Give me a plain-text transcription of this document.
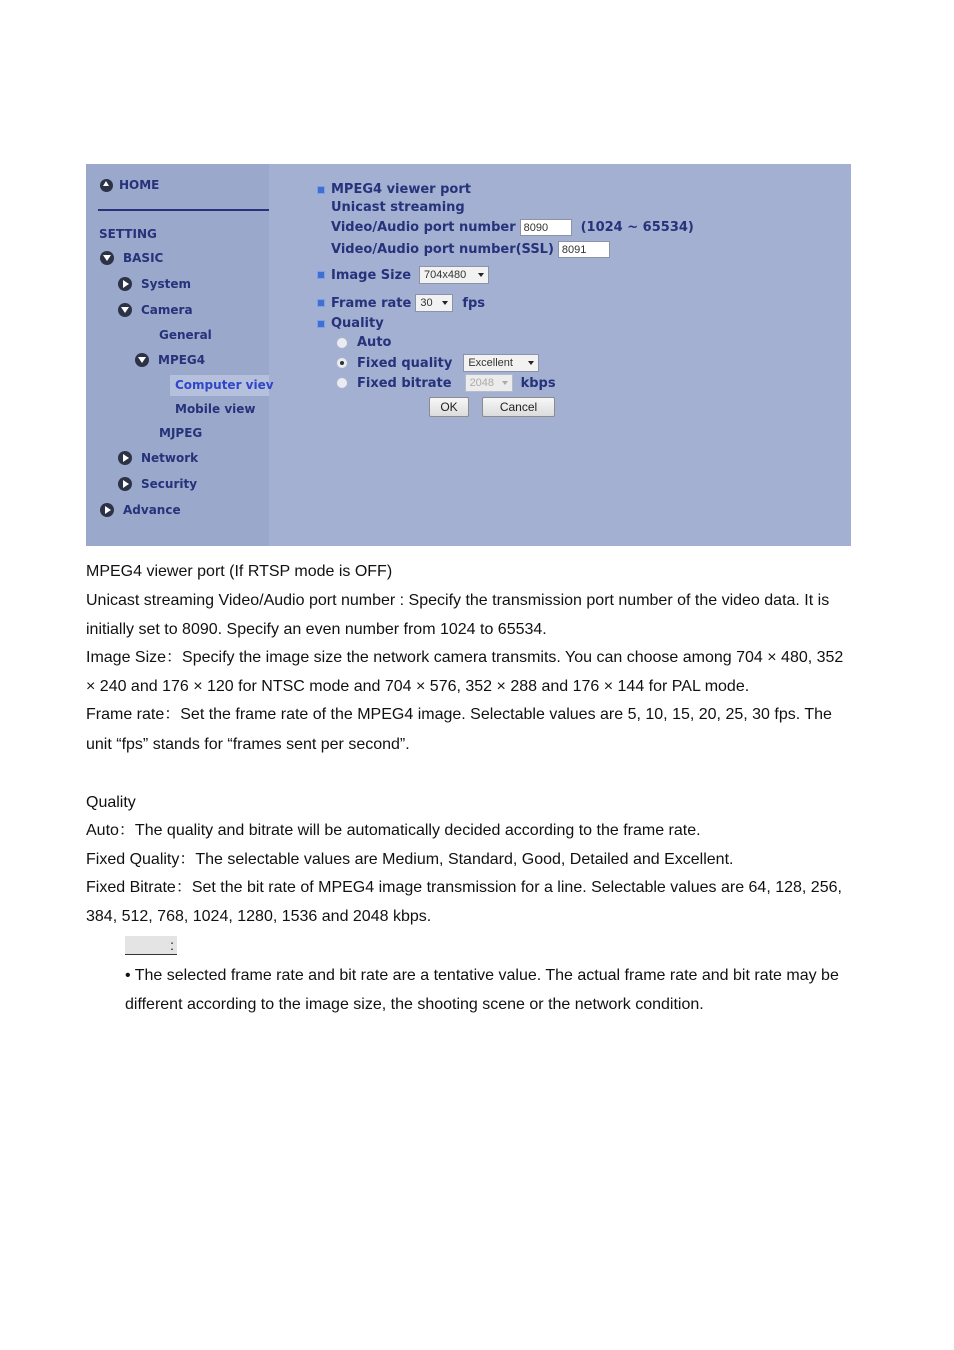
HOME
SETTING
BASIC
System
Camera
General
MPEG4
Computer viev
Mobile view
MJPEG
Network
Security
Advance
MPEG4 viewer port
Unicast streaming
Video/Audio port number 8090	(1024 ~ 65534)
Video/Audio port number(SSL) 8091
Image Size 704x480
Frame rate 30 fps
Quality
Auto
Fixed quality Excellent
Fixed bitrate 2048 kbps
OK	Cancel
MPEG4 viewer port (If RTSP mode is OFF)
Unicast streaming Video/Audio port number : Specify the transmission port number of the video data. It is
initially set to 8090. Specify an even number from 1024 to 65534.
Image Size：Specify the image size the network camera transmits. You can choose among 704 × 480, 352
× 240 and 176 × 120 for NTSC mode and 704 × 576, 352 × 288 and 176 × 144 for PAL mode.
Frame rate：Set the frame rate of the MPEG4 image. Selectable values are 5, 10, 15, 20, 25, 30 fps. The
unit “fps” stands for “frames sent per second”.
Quality
Auto：The quality and bitrate will be automatically decided according to the frame rate.
Fixed Quality：The selectable values are Medium, Standard, Good, Detailed and Excellent.
Fixed Bitrate：Set the bit rate of MPEG4 image transmission for a line. Selectable values are 64, 128, 256,
384, 512, 768, 1024, 1280, 1536 and 2048 kbps.
:
• The selected frame rate and bit rate are a tentative value. The actual frame rate and bit rate may be
different according to the image size, the shooting scene or the network condition.
